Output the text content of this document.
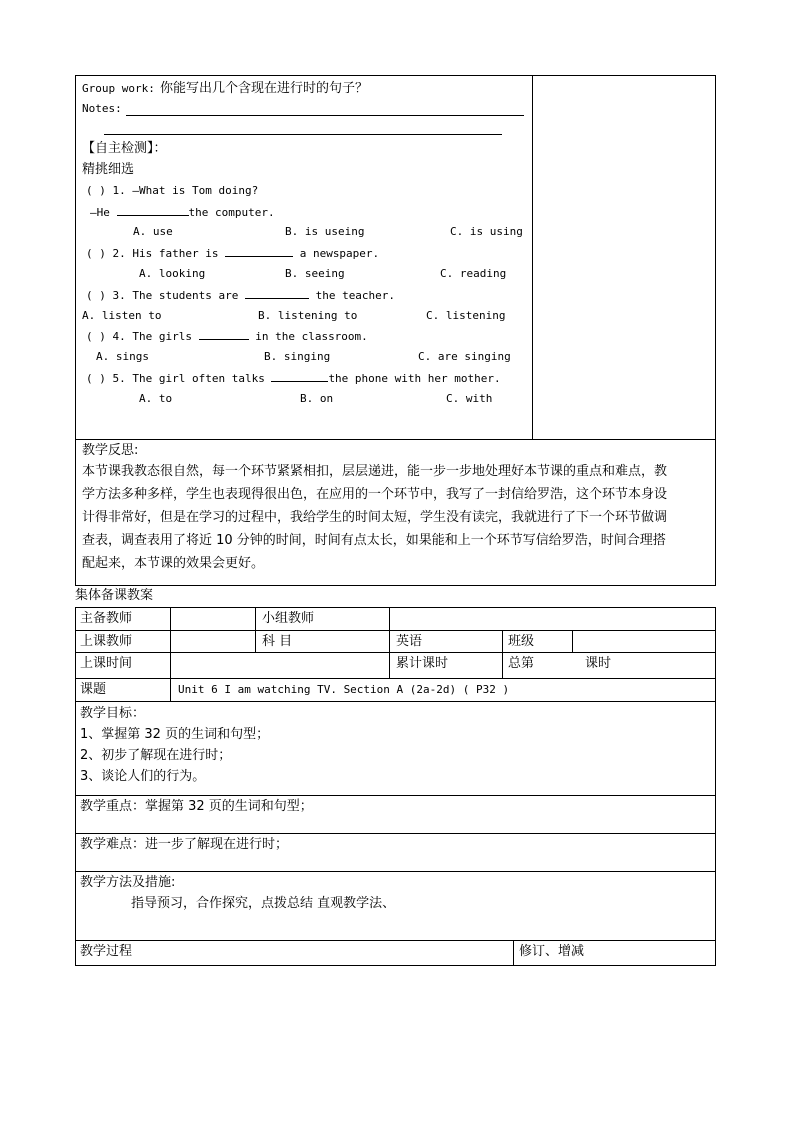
Group work: 你能写出几个含现在进行时的句子？
Notes:
【自主检测】：
精挑细选
( ) 1. —What is Tom doing?
—He	the computer.
A. use	B. is useing	C. is using
( ) 2. His father is	a newspaper.
A. looking	B. seeing	C. reading
( ) 3. The students are	the teacher.
A. listen to	B. listening to	C. listening
( ) 4. The girls	in the classroom.
A. sings	B. singing	C. are singing
( ) 5. The girl often talks	the phone with her mother.
A. to	B. on	C. with
教学反思:
本节课我教态很自然，每一个环节紧紧相扣，层层递进，能一步一步地处理好本节课的重点和难点，教
学方法多种多样，学生也表现得很出色，在应用的一个环节中，我写了一封信给罗浩，这个环节本身设
计得非常好，但是在学习的过程中，我给学生的时间太短，学生没有读完，我就进行了下一个环节做调
查表，调查表用了将近 10 分钟的时间，时间有点太长，如果能和上一个环节写信给罗浩，时间合理搭
配起来，本节课的效果会更好。
集体备课教案
主备教师	小组教师
上课教师	科 目	英语	班级
上课时间	累计课时	总第	课时
课题	Unit 6 I am watching TV. Section A (2a-2d) ( P32 )
教学目标：
1、掌握第 32 页的生词和句型；
2、初步了解现在进行时；
3、谈论人们的行为。
教学重点：掌握第 32 页的生词和句型；
教学难点：进一步了解现在进行时；
教学方法及措施:
指导预习，合作探究，点拨总结 直观教学法、
教学过程	修订、增减
